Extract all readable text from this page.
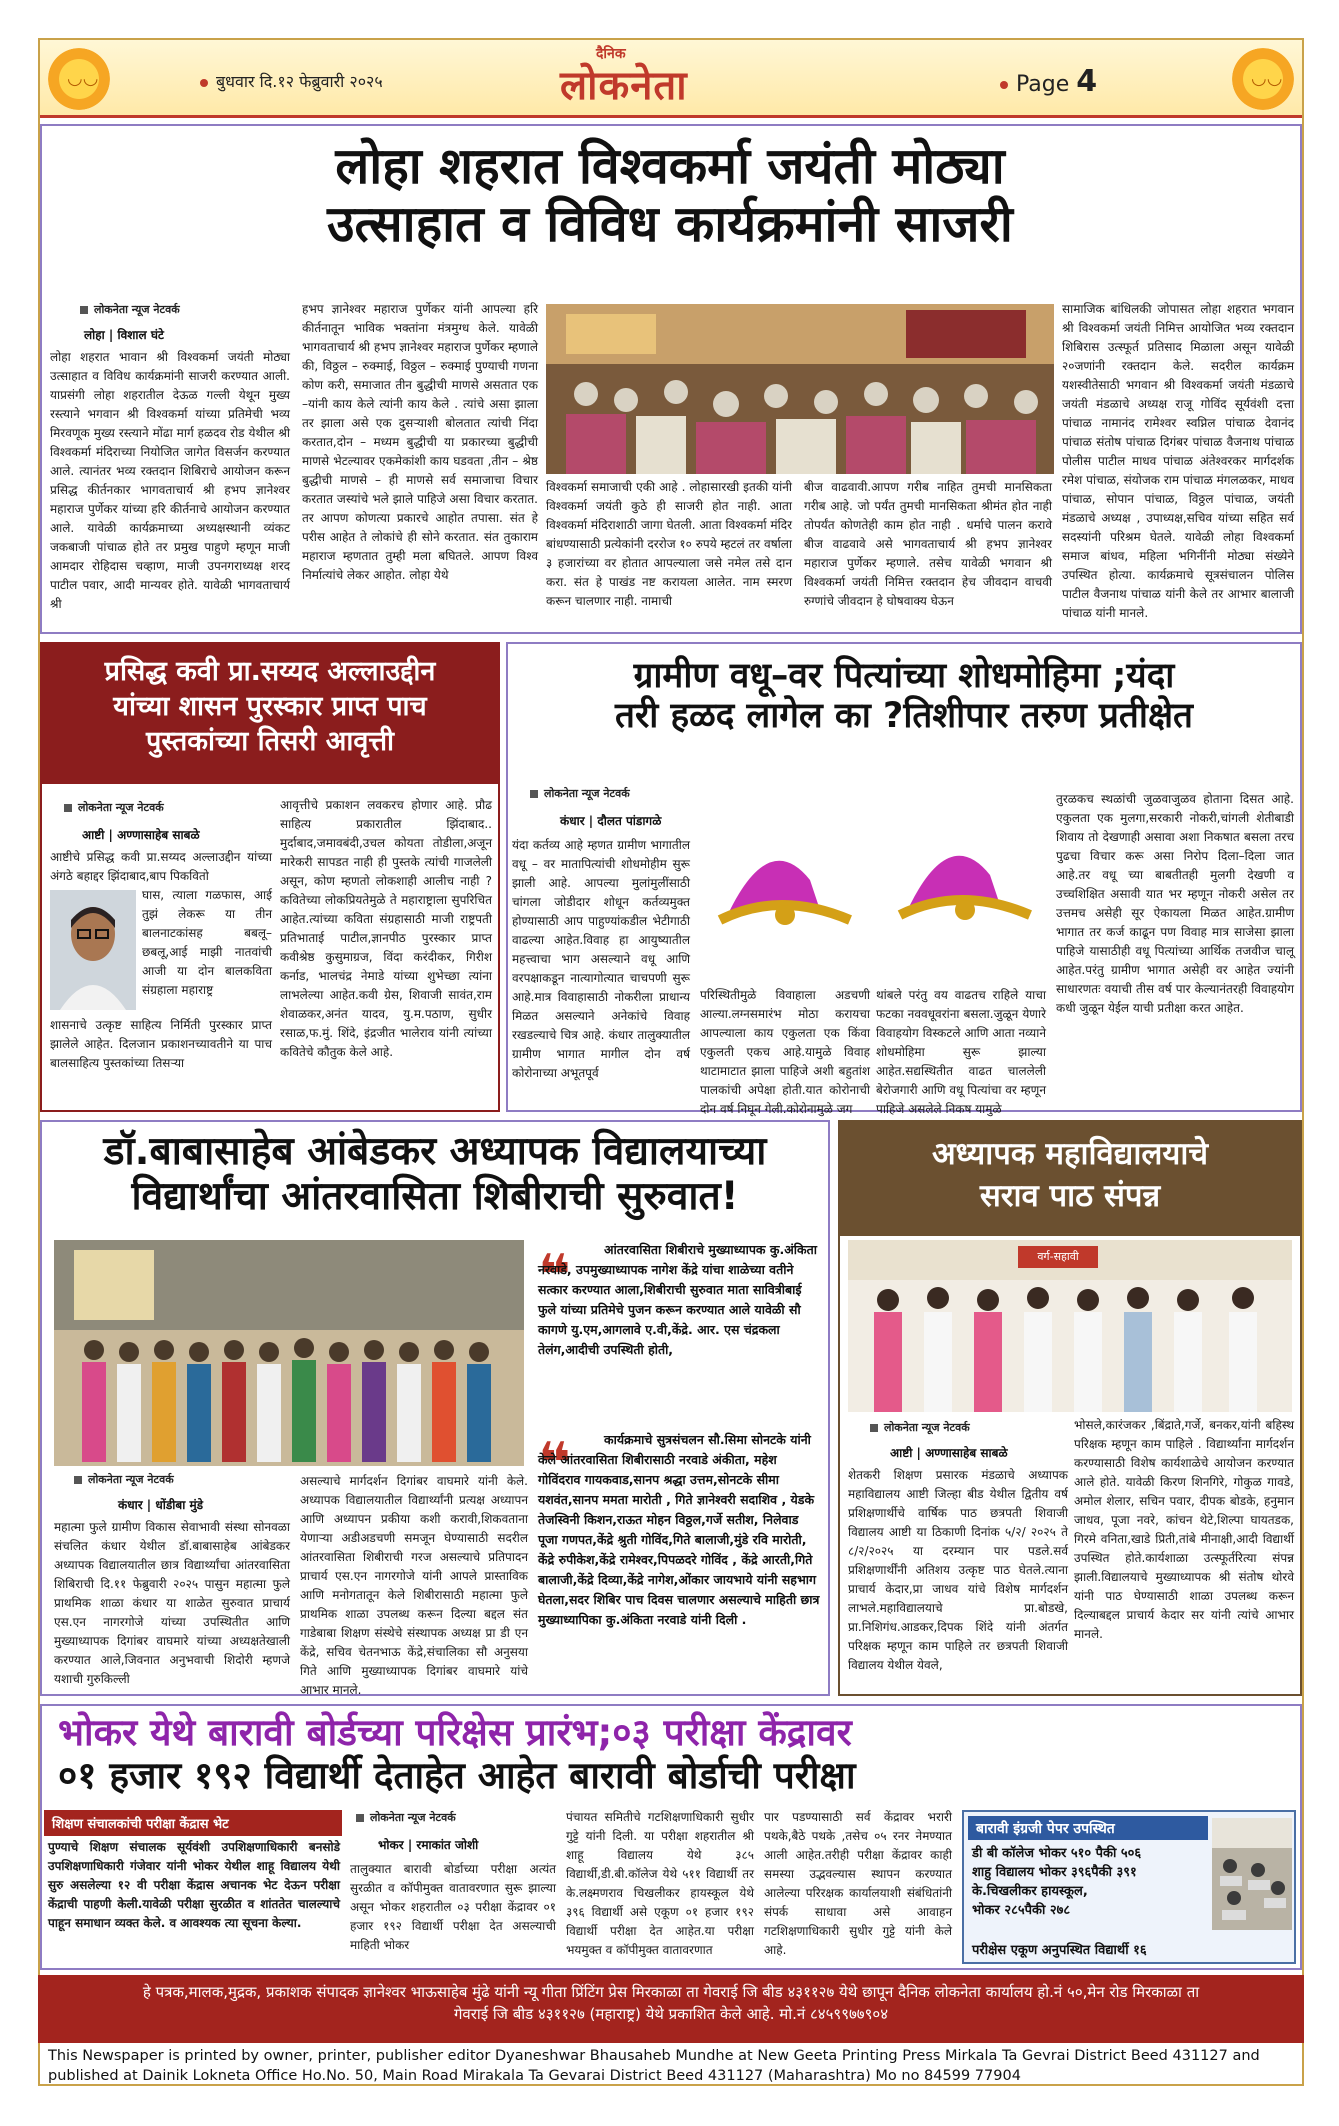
◡◡	◡◡
बुधवार दि.१२ फेब्रुवारी २०२५
दैनिक
लोकनेता	Page 4
लोहा शहरात विश्वकर्मा जयंती मोठ्या
उत्साहात व विविध कार्यक्रमांनी साजरी
लोकनेता न्यूज नेटवर्क
लोहा | विशाल घंटे
लोहा शहरात भावान श्री विश्वकर्मा जयंती मोठ्या उत्साहात व विविध कार्यक्रमांनी साजरी करण्यात आली. याप्रसंगी लोहा शहरातील देऊळ गल्ली येथून मुख्य रस्त्याने भगवान श्री विश्वकर्मा यांच्या प्रतिमेची भव्य मिरवणूक मुख्य रस्त्याने मोंढा मार्ग हळदव रोड येथील श्री विश्वकर्मा मंदिराच्या नियोजित जागेत विसर्जन करण्यात आले. त्यानंतर भव्य रक्तदान शिबिराचे आयोजन करून प्रसिद्ध कीर्तनकार भागवताचार्य श्री हभप ज्ञानेश्वर महाराज पुर्णेकर यांच्या हरि कीर्तनाचे आयोजन करण्यात आले. यावेळी कार्यक्रमाच्या अध्यक्षस्थानी व्यंकट जकबाजी पांचाळ होते तर प्रमुख पाहुणे म्हणून माजी आमदार रोहिदास चव्हाण, माजी उपनगराध्यक्ष शरद पाटील पवार, आदी मान्यवर होते. यावेळी भागवताचार्य श्री
हभप ज्ञानेश्वर महाराज पुर्णेकर यांनी आपल्या हरि कीर्तनातून भाविक भक्तांना मंत्रमुग्ध केले. यावेळी भागवताचार्य श्री हभप ज्ञानेश्वर महाराज पुर्णेकर म्हणाले की, विठ्ठल – रुक्माई, विठ्ठल – रुक्माई पुण्याची गणना कोण करी, समाजात तीन बुद्धीची माणसे असतात एक –यांनी काय केले त्यांनी काय केले . त्यांचे असा झाला तर झाला असे एक दुसऱ्याशी बोलतात त्यांची निंदा करतात,दोन – मध्यम बुद्धीची या प्रकारच्या बुद्धीची माणसे भेटल्यावर एकमेकांशी काय घडवता ,तीन – श्रेष्ठ बुद्धीची माणसे – ही माणसे सर्व समाजाचा विचार करतात जस्यांचे भले झाले पाहिजे असा विचार करतात. तर आपण कोणत्या प्रकारचे आहोत तपासा. संत हे परीस आहेत ते लोकांचे ही सोने करतात. संत तुकाराम महाराज म्हणतात तुम्ही मला बघितले. आपण विश्व निर्मात्यांचे लेकर आहोत. लोहा येथे
विश्वकर्मा समाजाची एकी आहे . लोहासारखी इतकी यांनी विश्वकर्मा जयंती कुठे ही साजरी होत नाही. आता विश्वकर्मा मंदिराशाठी जागा घेतली. आता विश्वकर्मा मंदिर बांधण्यासाठी प्रत्येकांनी दररोज १० रुपये म्हटलं तर वर्षाला ३ हजारांच्या वर होतात आपल्याला जसे नमेल तसे दान करा. संत हे पाखंड नष्ट करायला आलेत. नाम स्मरण करून चालणार नाही. नामाची
बीज वाढवावी.आपण गरीब नाहित तुमची मानसिकता गरीब आहे. जो पर्यंत तुमची मानसिकता श्रीमंत होत नाही तोपर्यंत कोणतेही काम होत नाही . धर्माचे पालन करावे बीज वाढवावे असे भागवताचार्य श्री हभप ज्ञानेश्वर महाराज पुर्णेकर म्हणाले. तसेच यावेळी भगवान श्री विश्वकर्मा जयंती निमित्त रक्तदान हेच जीवदान वाचवी रुग्णांचे जीवदान हे घोषवाक्य घेऊन
सामाजिक बांधिलकी जोपासत लोहा शहरात भगवान श्री विश्वकर्मा जयंती निमित्त आयोजित भव्य रक्तदान शिबिरास उत्स्फूर्त प्रतिसाद मिळाला असून यावेळी २०जणांनी रक्तदान केले. सदरील कार्यक्रम यशस्वीतेसाठी भगवान श्री विश्वकर्मा जयंती मंडळाचे जयंती मंडळाचे अध्यक्ष राजू गोविंद सूर्यवंशी दत्ता पांचाळ नामानंद रामेश्वर स्वप्निल पांचाळ देवानंद पांचाळ संतोष पांचाळ दिगंबर पांचाळ वैजनाथ पांचाळ पोलीस पाटील माधव पांचाळ अंतेश्वरकर मार्गदर्शक रमेश पांचाळ, संयोजक राम पांचाळ मंगलळकर, माधव पांचाळ, सोपान पांचाळ, विठ्ठल पांचाळ, जयंती मंडळाचे अध्यक्ष , उपाध्यक्ष,सचिव यांच्या सहित सर्व सदस्यांनी परिश्रम घेतले. यावेळी लोहा विश्वकर्मा समाज बांधव, महिला भगिनींनी मोठ्या संख्येने उपस्थित होत्या. कार्यक्रमाचे सूत्रसंचालन पोलिस पाटील वैजनाथ पांचाळ यांनी केले तर आभार बालाजी पांचाळ यांनी मानले.
प्रसिद्ध कवी प्रा.सय्यद अल्लाउद्दीन
यांच्या शासन पुरस्कार प्राप्त पाच
पुस्तकांच्या तिसरी आवृत्ती
लोकनेता न्यूज नेटवर्क
आष्टी | अण्णासाहेब साबळे
आष्टीचे प्रसिद्ध कवी प्रा.सय्यद अल्लाउद्दीन यांच्या अंगठे बहाद्दर झिंदाबाद,बाप पिकवितो
घास, त्याला गळफास, आई तुझं लेकरू या तीन बालनाटकांसह बबलू–छबलू,आई माझी नातवांची आजी या दोन बालकविता संग्रहाला महाराष्ट्र
शासनाचे उत्कृष्ट साहित्य निर्मिती पुरस्कार प्राप्त झालेले आहेत. दिलजान प्रकाशनच्यावतीने या पाच बालसाहित्य पुस्तकांच्या तिसऱ्या
आवृत्तीचे प्रकाशन लवकरच होणार आहे. प्रौढ साहित्य प्रकारातील झिंदाबाद.. मुर्दाबाद,जमावबंदी,उचल कोयता तोडीला,अजून मारेकरी सापडत नाही ही पुस्तके त्यांची गाजलेली असून, कोण म्हणतो लोकशाही आलीच नाही ? कवितेच्या लोकप्रियतेमुळे ते महाराष्ट्राला सुपरिचित आहेत.त्यांच्या कविता संग्रहासाठी माजी राष्ट्रपती प्रतिभाताई पाटील,ज्ञानपीठ पुरस्कार प्राप्त कवीश्रेष्ठ कुसुमाग्रज, विंदा करंदीकर, गिरीश कर्नाड, भालचंद्र नेमाडे यांच्या शुभेच्छा त्यांना लाभलेल्या आहेत.कवी ग्रेस, शिवाजी सावंत,राम शेवाळकर,अनंत यादव, यु.म.पठाण, सुधीर रसाळ,फ.मुं. शिंदे, इंद्रजीत भालेराव यांनी त्यांच्या कवितेचे कौतुक केले आहे.
ग्रामीण वधू–वर पित्यांच्या शोधमोहिमा ;यंदा
तरी हळद लागेल का ?तिशीपार तरुण प्रतीक्षेत
लोकनेता न्यूज नेटवर्क
कंधार | दौलत पांडागळे
यंदा कर्तव्य आहे म्हणत ग्रामीण भागातील वधू – वर मातापित्यांची शोधमोहीम सुरू झाली आहे. आपल्या मुलांमुलींसाठी चांगला जोडीदार शोधून कर्तव्यमुक्त होण्यासाठी आप पाहुण्यांकडील भेटीगाठी वाढल्या आहेत.विवाह हा आयुष्यातील महत्त्वाचा भाग असल्याने वधू आणि वरपक्षाकडून नात्यागोत्यात चाचपणी सुरू आहे.मात्र विवाहासाठी नोकरीला प्राधान्य मिळत असल्याने अनेकांचे विवाह रखडल्याचे चित्र आहे. कंधार तालुक्यातील ग्रामीण भागात मागील दोन वर्ष कोरोनाच्या अभूतपूर्व
परिस्थितीमुळे विवाहाला अडचणी आल्या.लग्नसमारंभ मोठा करायचा आपल्याला काय एकुलता एक किंवा एकुलती एकच आहे.यामुळे विवाह थाटामाटात झाला पाहिजे अशी बहुतांश पालकांची अपेक्षा होती.यात कोरोनाची दोन वर्ष निघून गेली.कोरोनामुळे जग
थांबले परंतु वय वाढतच राहिले याचा फटका नववधूवरांना बसला.जुळून येणारे विवाहयोग विस्कटले आणि आता नव्याने शोधमोहिमा सुरू झाल्या आहेत.सद्यस्थितीत वाढत चाललेली बेरोजगारी आणि वधू पित्यांचा वर म्हणून पाहिजे असलेले निकष यामुळे
तुरळकच स्थळांची जुळवाजुळव होताना दिसत आहे. एकुलता एक मुलगा,सरकारी नोकरी,चांगली शेतीबाडी शिवाय तो देखणाही असावा अशा निकषात बसला तरच पुढचा विचार करू असा निरोप दिला–दिला जात आहे.तर वधू च्या बाबतीतही मुलगी देखणी व उच्चशिक्षित असावी यात भर म्हणून नोकरी असेल तर उत्तमच असेही सूर ऐकायला मिळत आहेत.ग्रामीण भागात तर कर्ज काढून पण विवाह मात्र साजेसा झाला पाहिजे यासाठीही वधू पित्यांच्या आर्थिक तजवीज चालू आहेत.परंतु ग्रामीण भागात असेही वर आहेत ज्यांनी साधारणतः वयाची तीस वर्ष पार केल्यानंतरही विवाहयोग कधी जुळून येईल याची प्रतीक्षा करत आहेत.
डॉ.बाबासाहेब आंबेडकर अध्यापक विद्यालयाच्या
विद्यार्थांचा आंतरवासिता शिबीराची सुरुवात!
लोकनेता न्यूज नेटवर्क
कंधार | धोंडीबा मुंडे
महात्मा फुले ग्रामीण विकास सेवाभावी संस्था सोनवळा संचलित कंधार येथील डॉ.बाबासाहेब आंबेडकर अध्यापक विद्यालयातील छात्र विद्यार्थ्यांचा आंतरवासिता शिबिराची दि.११ फेब्रुवारी २०२५ पासुन महात्मा फुले प्राथमिक शाळा कंधार या शाळेत सुरुवात प्राचार्य एस.एन नागरगोजे यांच्या उपस्थितीत आणि मुख्याध्यापक दिगांबर वाघमारे यांच्या अध्यक्षतेखाली करण्यात आले,जिवनात अनुभवाची शिदोरी म्हणजे यशाची गुरुकिल्ली
असल्याचे मार्गदर्शन दिगांबर वाघमारे यांनी केले. अध्यापक विद्यालयातील विद्यार्थ्यांनी प्रत्यक्ष अध्यापन आणि अध्यापन प्रकीया कशी करावी,शिकवताना येणाऱ्या अडीअडचणी समजून घेण्यासाठी सदरील आंतरवासिता शिबीराची गरज असल्याचे प्रतिपादन प्राचार्य एस.एन नागरगोजे यांनी आपले प्रास्ताविक आणि मनोगतातून केले शिबीरासाठी महात्मा फुले प्राथमिक शाळा उपलब्ध करून दिल्या बद्दल संत गाडेबाबा शिक्षण संस्थेचे संस्थापक अध्यक्ष प्रा डी एन केंद्रे, सचिव चेतनभाऊ केंद्रे,संचालिका सौ अनुसया गिते आणि मुख्याध्यापक दिगांबर वाघमारे यांचे आभार मानले.
❝	आंतरवासिता शिबीराचे मुख्याध्यापक कु.अंकिता नरवाडे, उपमुख्याध्यापक नागेश केंद्रे यांचा शाळेच्या वतीने सत्कार करण्यात आला,शिबीराची सुरुवात माता सावित्रीबाई फुले यांच्या प्रतिमेचे पुजन करून करण्यात आले यावेळी सौ कागणे यु.एम,आगलावे ए.वी,केंद्रे. आर. एस चंद्रकला तेलंग,आदीची उपस्थिती होती,
❝	कार्यक्रमाचे सुत्रसंचलन सौ.सिमा सोनटके यांनी केले आंतरवासिता शिबीरासाठी नरवाडे अंकीता, महेश गोविंदराव गायकवाड,सानप श्रद्धा उत्तम,सोनटके सीमा यशवंत,सानप ममता मारोती , गिते ज्ञानेश्वरी सदाशिव , येडके तेजस्विनी किशन,राऊत मोहन विठ्ठल,गर्जे सतीश, निलेवाड पूजा गणपत,केंद्रे श्रुती गोविंद,गिते बालाजी,मुंडे रवि मारोती, केंद्रे रुपीकेश,केंद्रे रामेश्वर,पिपळदरे गोविंद , केंद्रे आरती,गिते बालाजी,केंद्रे दिव्या,केंद्रे नागेश,ओंकार जायभाये यांनी सहभाग घेतला,सदर शिबिर पाच दिवस चालणार असल्याचे माहिती छात्र मुख्याध्यापिका कु.अंकिता नरवाडे यांनी दिली .
अध्यापक महाविद्यालयाचे
सराव पाठ संपन्न
वर्ग-सहावी
लोकनेता न्यूज नेटवर्क
आष्टी | अण्णासाहेब साबळे
शेतकरी शिक्षण प्रसारक मंडळाचे अध्यापक महाविद्यालय आष्टी जिल्हा बीड येथील द्वितीय वर्ष प्रशिक्षणार्थीचे वार्षिक पाठ छत्रपती शिवाजी विद्यालय आष्टी या ठिकाणी दिनांक ५/२/ २०२५ ते ८/२/२०२५ या दरम्यान पार पडले.सर्व प्रशिक्षणार्थींनी अतिशय उत्कृष्ट पाठ घेतले.त्याना प्राचार्य केदार,प्रा जाधव यांचे विशेष मार्गदर्शन लाभले.महाविद्यालयाचे प्रा.बोडखे, प्रा.निशिगंध.आडकर,दिपक शिंदे यांनी अंतर्गत परिक्षक म्हणून काम पाहिले तर छत्रपती शिवाजी विद्यालय येथील येवले,
भोसले,कारंजकर ,बिंद्राते,गर्जे, बनकर,यांनी बहिस्थ परिक्षक म्हणून काम पाहिले . विद्यार्थ्यांना मार्गदर्शन करण्यासाठी विशेष कार्यशाळेचे आयोजन करण्यात आले होते. यावेळी किरण शिनगिरे, गोकुळ गावडे, अमोल शेलार, सचिन पवार, दीपक बोडके, हनुमान जाधव, पूजा नवरे, कांचन थेटे,शिल्पा घायतडक, गिरमे वनिता,खाडे प्रिती,तांबे मीनाक्षी,आदी विद्यार्थी उपस्थित होते.कार्यशाळा उत्स्फूर्तरित्या संपन्न झाली.विद्यालयाचे मुख्याध्यापक श्री संतोष थोरवे यांनी पाठ घेण्यासाठी शाळा उपलब्ध करून दिल्याबद्दल प्राचार्य केदार सर यांनी त्यांचे आभार मानले.
भोकर येथे बारावी बोर्डच्या परिक्षेस प्रारंभ;०३ परीक्षा केंद्रावर
०१ हजार १९२ विद्यार्थी देताहेत आहेत बारावी बोर्डाची परीक्षा
शिक्षण संचालकांची परीक्षा केंद्रास भेट
पुण्याचे शिक्षण संचालक सूर्यवंशी उपशिक्षणाधिकारी बनसोडे उपशिक्षणाधिकारी गंजेवार यांनी भोकर येथील शाहू विद्यालय येथी सुरु असलेल्या १२ वी परीक्षा केंद्रास अचानक भेट देऊन परीक्षा केंद्राची पाहणी केली.यावेळी परीक्षा सुरळीत व शांततेत चालल्याचे पाहून समाधान व्यक्त केले. व आवश्यक त्या सूचना केल्या.
लोकनेता न्यूज नेटवर्क
भोकर | रमाकांत जोशी
तालुक्यात बारावी बोर्डाच्या परीक्षा अत्यंत सुरळीत व कॉपीमुक्त वातावरणात सुरू झाल्या असून भोकर शहरातील ०३ परीक्षा केंद्रावर ०१ हजार १९२ विद्यार्थी परीक्षा देत असल्याची माहिती भोकर
पंचायत समितीचे गटशिक्षणाधिकारी सुधीर गुट्टे यांनी दिली. या परीक्षा शहरातील श्री शाहू विद्यालय येथे ३८५ विद्यार्थी,डी.बी.कॉलेज येथे ५११ विद्यार्थी तर के.लक्ष्मणराव चिखलीकर हायस्कूल येथे ३९६ विद्यार्थी असे एकूण ०१ हजार १९२ विद्यार्थी परीक्षा देत आहेत.या परीक्षा भयमुक्त व कॉपीमुक्त वातावरणात
पार पडण्यासाठी सर्व केंद्रावर भरारी पथके,बैठे पथके ,तसेच ०५ रनर नेमण्यात आली आहेत.तरीही परीक्षा केंद्रावर काही समस्या उद्भवल्यास स्थापन करण्यात आलेल्या परिरक्षक कार्यालयाशी संबंधितांनी संपर्क साधावा असे आवाहन गटशिक्षणाधिकारी सुधीर गुट्टे यांनी केले आहे.
बारावी इंग्रजी पेपर उपस्थित
डी बी कॉलेज भोकर ५१० पैकी ५०६
शाहु विद्यालय भोकर ३९६पैकी ३९१
के.चिखलीकर हायस्कूल,
भोकर २८५पैकी २७८
परीक्षेस एकूण अनुपस्थित विद्यार्थी १६
हे पत्रक,मालक,मुद्रक, प्रकाशक संपादक ज्ञानेश्वर भाऊसाहेब मुंढे यांनी न्यू गीता प्रिंटिंग प्रेस मिरकाळा ता गेवराई जि बीड ४३११२७ येथे छापून दैनिक लोकनेता कार्यालय हो.नं ५०,मेन रोड मिरकाळा ता
गेवराई जि बीड ४३११२७ (महाराष्ट्र) येथे प्रकाशित केले आहे. मो.नं ८४५९९७७९०४
This Newspaper is printed by owner, printer, publisher editor Dyaneshwar Bhausaheb Mundhe at New Geeta Printing Press Mirkala Ta Gevrai District Beed 431127 and published at Dainik Lokneta Office Ho.No. 50, Main Road Mirakala Ta Gevarai District Beed 431127 (Maharashtra) Mo no 84599 77904
